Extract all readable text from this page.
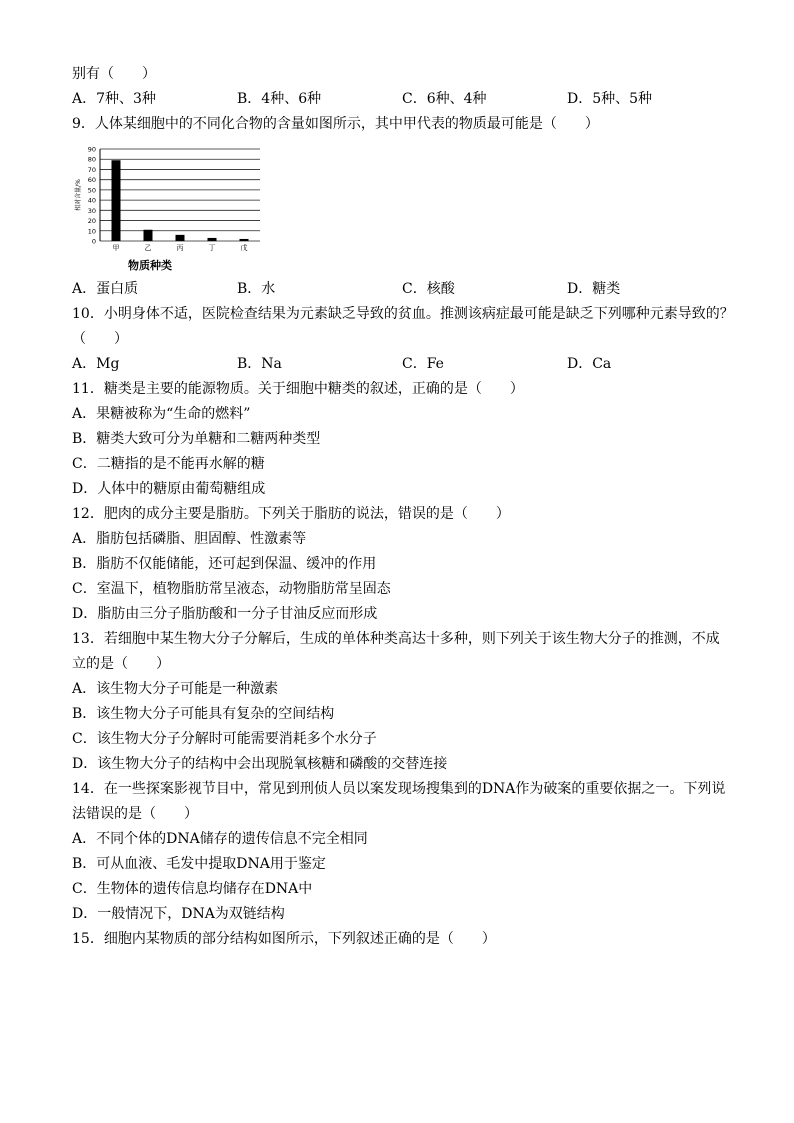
别有（　　）
A．7种、3种	B．4种、6种	C．6种、4种	D．5种、5种
9．人体某细胞中的不同化合物的含量如图所示，其中甲代表的物质最可能是（　　）
0
10
20
30
40
50
60
70
80
90
相对含量/%
甲	乙	丙	丁	戊
物质种类
A．蛋白质	B．水	C．核酸	D．糖类
10．小明身体不适，医院检查结果为元素缺乏导致的贫血。推测该病症最可能是缺乏下列哪种元素导致的？
（　　）
A．Mg	B．Na	C．Fe	D．Ca
11．糖类是主要的能源物质。关于细胞中糖类的叙述，正确的是（　　）
A．果糖被称为“生命的燃料”
B．糖类大致可分为单糖和二糖两种类型
C．二糖指的是不能再水解的糖
D．人体中的糖原由葡萄糖组成
12．肥肉的成分主要是脂肪。下列关于脂肪的说法，错误的是（　　）
A．脂肪包括磷脂、胆固醇、性激素等
B．脂肪不仅能储能，还可起到保温、缓冲的作用
C．室温下，植物脂肪常呈液态，动物脂肪常呈固态
D．脂肪由三分子脂肪酸和一分子甘油反应而形成
13．若细胞中某生物大分子分解后，生成的单体种类高达十多种，则下列关于该生物大分子的推测，不成
立的是（　　）
A．该生物大分子可能是一种激素
B．该生物大分子可能具有复杂的空间结构
C．该生物大分子分解时可能需要消耗多个水分子
D．该生物大分子的结构中会出现脱氧核糖和磷酸的交替连接
14．在一些探案影视节目中，常见到刑侦人员以案发现场搜集到的DNA作为破案的重要依据之一。下列说
法错误的是（　　）
A．不同个体的DNA储存的遗传信息不完全相同
B．可从血液、毛发中提取DNA用于鉴定
C．生物体的遗传信息均储存在DNA中
D．一般情况下，DNA为双链结构
15．细胞内某物质的部分结构如图所示，下列叙述正确的是（　　）
